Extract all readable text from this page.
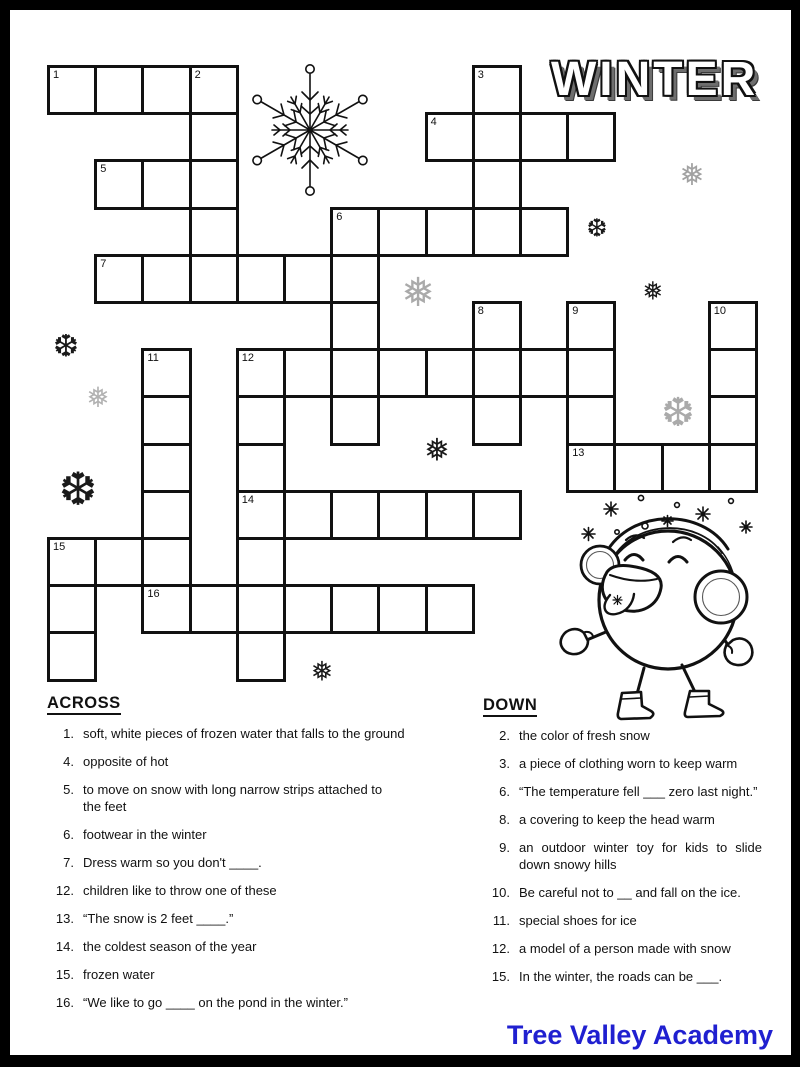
WINTER
1	2	3
4
5
6
7
8	9	10
11	12
13
14
15
16
❅
❆
❅	❅
❆
❅	❆
❅
❆
❅
ACROSS
1. soft, white pieces of frozen water that falls to the ground
4. opposite of hot
5. to move on snow with long narrow strips attached to
the feet
6. footwear in the winter
7. Dress warm so you don't ____.
12. children like to throw one of these
13. “The snow is 2 feet ____.”
14. the coldest season of the year
15. frozen water
16. “We like to go ____ on the pond in the winter.”
DOWN
2. the color of fresh snow
3. a piece of clothing worn to keep warm
6. “The temperature fell ___ zero last night.”
8. a covering to keep the head warm
9. an outdoor winter toy for kids to slide
down snowy hills
10. Be careful not to __ and fall on the ice.
11. special shoes for ice
12. a model of a person made with snow
15. In the winter, the roads can be ___.
Tree Valley Academy
